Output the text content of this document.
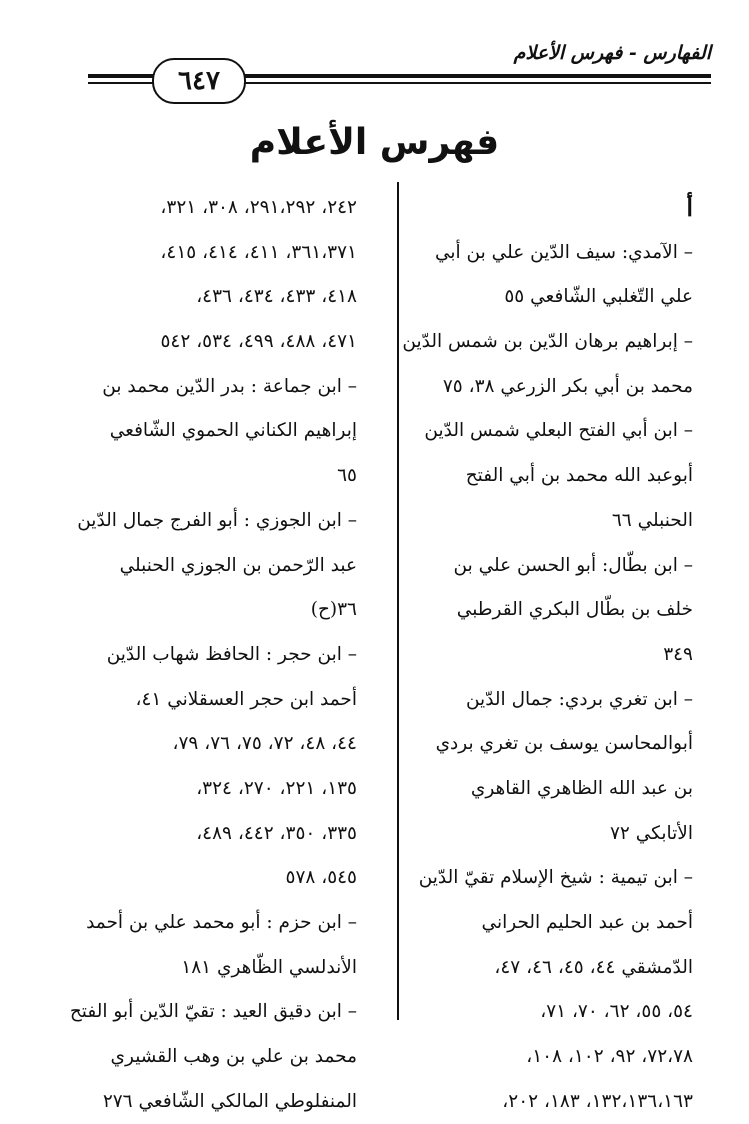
الفهارس - فهرس الأعلام
٦٤٧
فهرس الأعلام
أ
– الآمدي: سيف الدّين علي بن أبي
علي التّغلبي الشّافعي ٥٥
– إبراهيم برهان الدّين بن شمس الدّين
محمد بن أبي بكر الزرعي ٣٨، ٧٥
– ابن أبي الفتح البعلي شمس الدّين
أبوعبد الله محمد بن أبي الفتح
الحنبلي ٦٦
– ابن بطّال: أبو الحسن علي بن
خلف بن بطّال البكري القرطبي
٣٤٩
– ابن تغري بردي: جمال الدّين
أبوالمحاسن يوسف بن تغري بردي
بن عبد الله الظاهري القاهري
الأتابكي ٧٢
– ابن تيمية : شيخ الإسلام تقيّ الدّين
أحمد بن عبد الحليم الحراني
الدّمشقي ٤٤، ٤٥، ٤٦، ٤٧،
٥٤، ٥٥، ٦٢، ٧٠، ٧١،
٧٢،٧٨، ٩٢، ١٠٢، ١٠٨،
١٣٢،١٣٦،١٦٣، ١٨٣، ٢٠٢،
٢٤٢، ٢٩١،٢٩٢، ٣٠٨، ٣٢١،
٣٦١،٣٧١، ٤١١، ٤١٤، ٤١٥،
٤١٨، ٤٣٣، ٤٣٤، ٤٣٦،
٤٧١، ٤٨٨، ٤٩٩، ٥٣٤، ٥٤٢
– ابن جماعة : بدر الدّين محمد بن
إبراهيم الكناني الحموي الشّافعي
٦٥
– ابن الجوزي : أبو الفرج جمال الدّين
عبد الرّحمن بن الجوزي الحنبلي
٣٦(ح)
– ابن حجر : الحافظ شهاب الدّين
أحمد ابن حجر العسقلاني ٤١،
٤٤، ٤٨، ٧٢، ٧٥، ٧٦، ٧٩،
١٣٥، ٢٢١، ٢٧٠، ٣٢٤،
٣٣٥، ٣٥٠، ٤٤٢، ٤٨٩،
٥٤٥، ٥٧٨
– ابن حزم : أبو محمد علي بن أحمد
الأندلسي الظّاهري ١٨١
– ابن دقيق العيد : تقيّ الدّين أبو الفتح
محمد بن علي بن وهب القشيري
المنفلوطي المالكي الشّافعي ٢٧٦
